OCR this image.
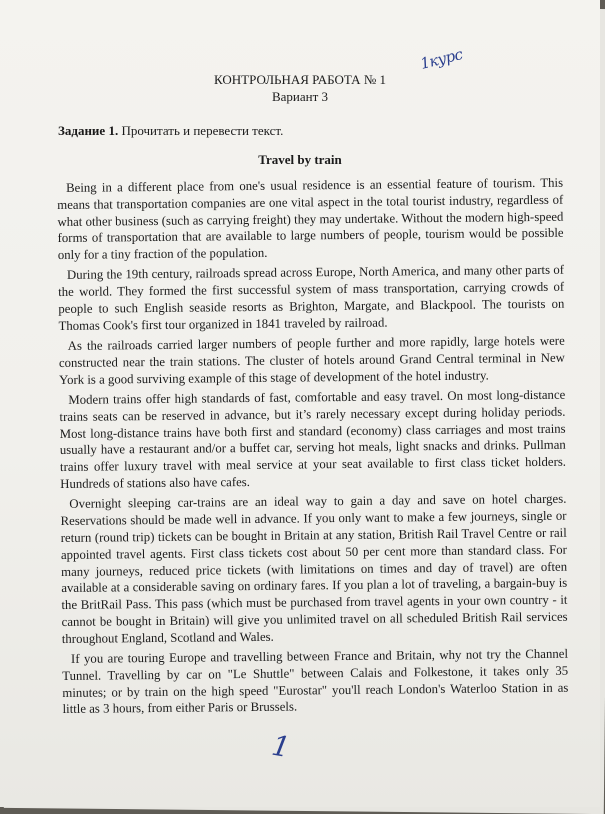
1курс
КОНТРОЛЬНАЯ РАБОТА № 1
Вариант 3
Задание 1. Прочитать и перевести текст.
Travel by train

Being in a different place from one's usual residence is an essential feature of tourism. This means that transportation companies are one vital aspect in the total tourist industry, regardless of what other business (such as carrying freight) they may undertake. Without the modern high-speed forms of transportation that are available to large numbers of people, tourism would be possible only for a tiny fraction of the population.

During the 19th century, railroads spread across Europe, North America, and many other parts of the world. They formed the first successful system of mass transportation, carrying crowds of people to such English seaside resorts as Brighton, Margate, and Blackpool. The tourists on Thomas Cook's first tour organized in 1841 traveled by railroad.

As the railroads carried larger numbers of people further and more rapidly, large hotels were constructed near the train stations. The cluster of hotels around Grand Central terminal in New York is a good surviving example of this stage of development of the hotel industry.

Modern trains offer high standards of fast, comfortable and easy travel. On most long-distance trains seats can be reserved in advance, but it’s rarely necessary except during holiday periods. Most long-distance trains have both first and standard (economy) class carriages and most trains usually have a restaurant and/or a buffet car, serving hot meals, light snacks and drinks. Pullman trains offer luxury travel with meal service at your seat available to first class ticket holders. Hundreds of stations also have cafes.

Overnight sleeping car-trains are an ideal way to gain a day and save on hotel charges. Reservations should be made well in advance. If you only want to make a few journeys, single or return (round trip) tickets can be bought in Britain at any station, British Rail Travel Centre or rail appointed travel agents. First class tickets cost about 50 per cent more than standard class. For many journeys, reduced price tickets (with limitations on times and day of travel) are often available at a considerable saving on ordinary fares. If you plan a lot of traveling, a bargain-buy is the BritRail Pass. This pass (which must be purchased from travel agents in your own country - it cannot be bought in Britain) will give you unlimited travel on all scheduled British Rail services throughout England, Scotland and Wales.

If you are touring Europe and travelling between France and Britain, why not try the Channel Tunnel. Travelling by car on "Le Shuttle" between Calais and Folkestone, it takes only 35 minutes; or by train on the high speed "Eurostar" you'll reach London's Waterloo Station in as little as 3 hours, from either Paris or Brussels.

1
